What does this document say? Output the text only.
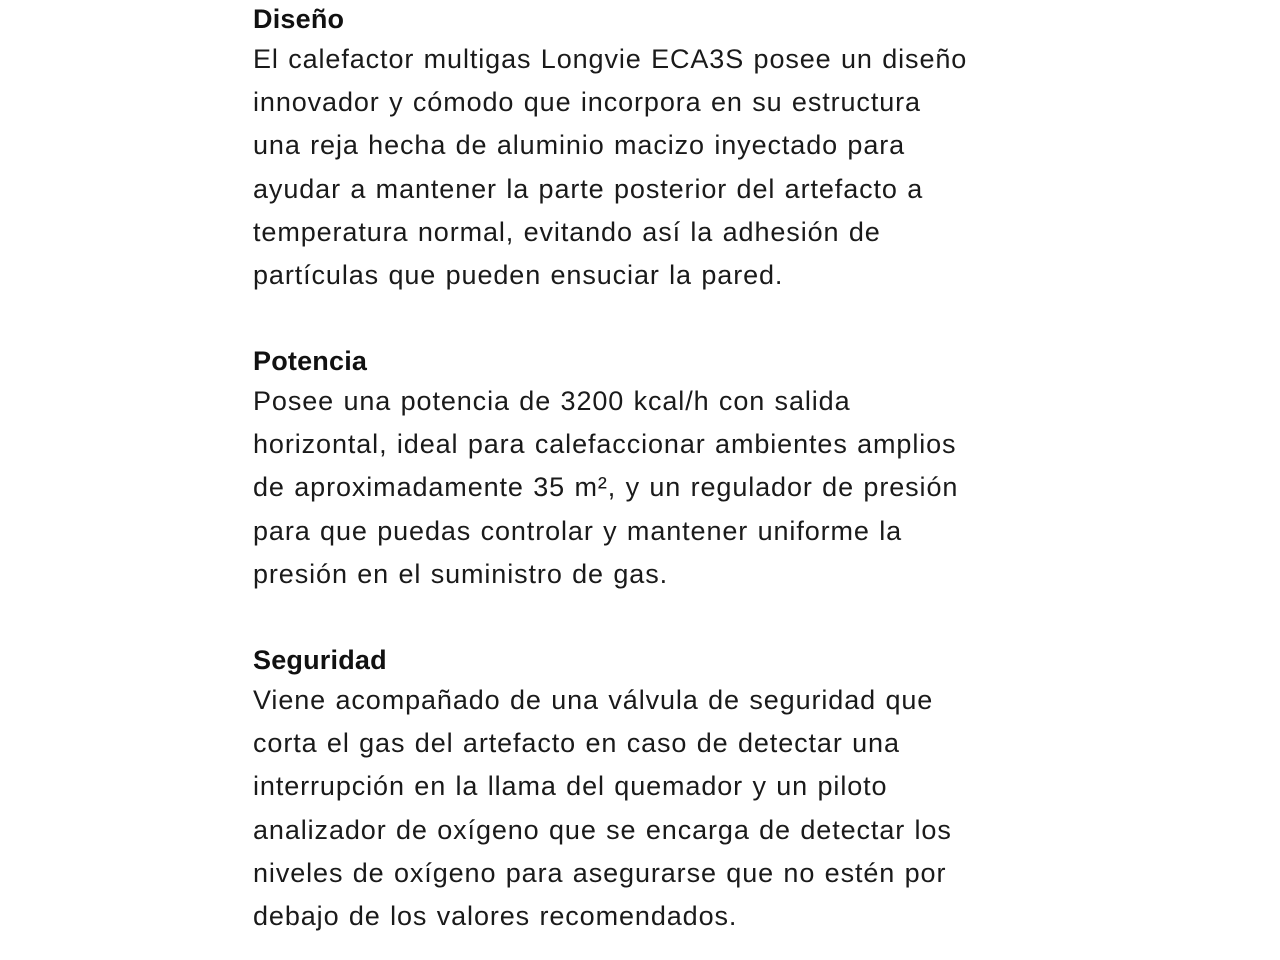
Diseño

El calefactor multigas Longvie ECA3S posee un diseño
innovador y cómodo que incorpora en su estructura
una reja hecha de aluminio macizo inyectado para
ayudar a mantener la parte posterior del artefacto a
temperatura normal, evitando así la adhesión de
partículas que pueden ensuciar la pared.

Potencia

Posee una potencia de 3200 kcal/h con salida
horizontal, ideal para calefaccionar ambientes amplios
de aproximadamente 35 m², y un regulador de presión
para que puedas controlar y mantener uniforme la
presión en el suministro de gas.

Seguridad

Viene acompañado de una válvula de seguridad que
corta el gas del artefacto en caso de detectar una
interrupción en la llama del quemador y un piloto
analizador de oxígeno que se encarga de detectar los
niveles de oxígeno para asegurarse que no estén por
debajo de los valores recomendados.
